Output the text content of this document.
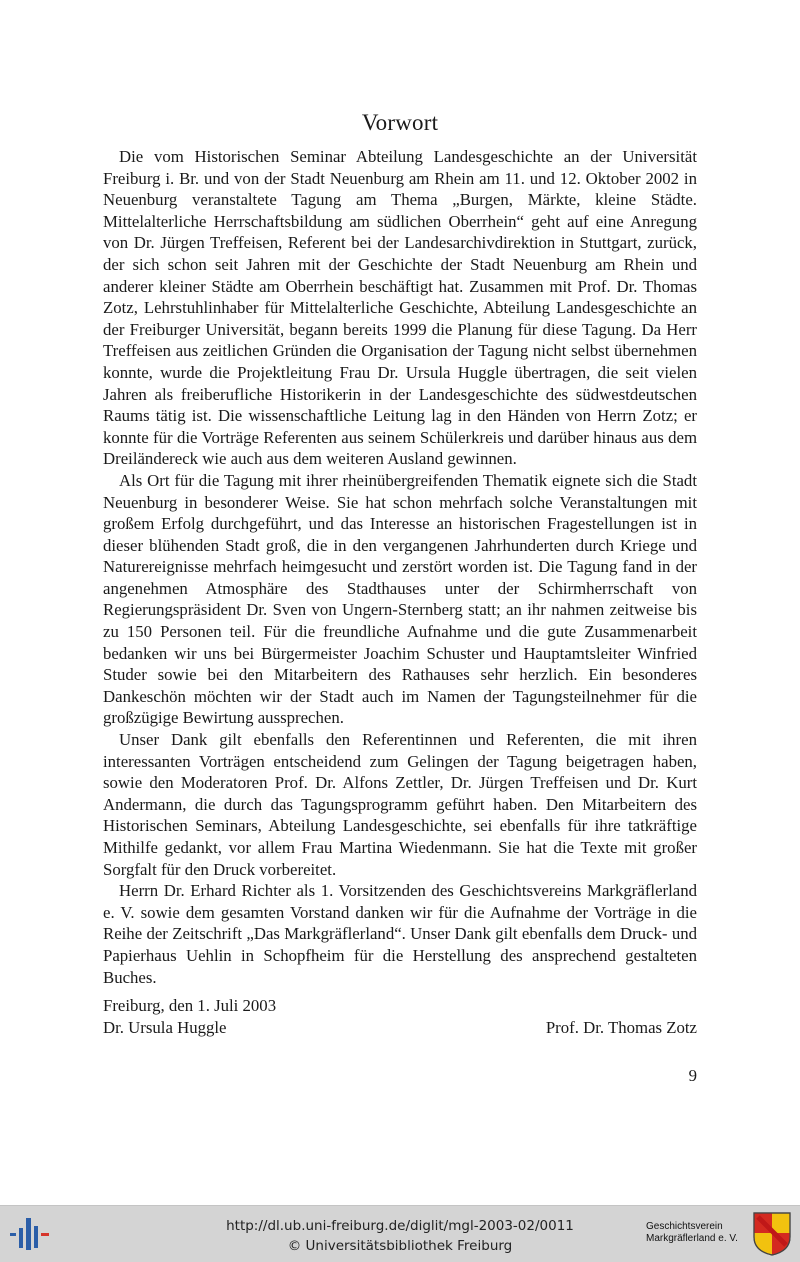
Vorwort

Die vom Historischen Seminar Abteilung Landesgeschichte an der Universität Freiburg i. Br. und von der Stadt Neuenburg am Rhein am 11. und 12. Oktober 2002 in Neuenburg veranstaltete Tagung am Thema „Burgen, Märkte, kleine Städte. Mittelalterliche Herrschaftsbildung am südlichen Oberrhein“ geht auf eine Anregung von Dr. Jürgen Treffeisen, Referent bei der Landesarchivdirektion in Stuttgart, zurück, der sich schon seit Jahren mit der Geschichte der Stadt Neuenburg am Rhein und anderer kleiner Städte am Oberrhein beschäftigt hat. Zusammen mit Prof. Dr. Thomas Zotz, Lehrstuhlinhaber für Mittelalterliche Geschichte, Abteilung Landesgeschichte an der Freiburger Universität, begann bereits 1999 die Planung für diese Tagung. Da Herr Treffeisen aus zeitlichen Gründen die Organisation der Tagung nicht selbst übernehmen konnte, wurde die Projektleitung Frau Dr. Ursula Huggle übertragen, die seit vielen Jahren als freiberufliche Historikerin in der Landesgeschichte des südwestdeutschen Raums tätig ist. Die wissenschaftliche Leitung lag in den Händen von Herrn Zotz; er konnte für die Vorträge Referenten aus seinem Schülerkreis und darüber hinaus aus dem Dreiländereck wie auch aus dem weiteren Ausland gewinnen.

Als Ort für die Tagung mit ihrer rheinübergreifenden Thematik eignete sich die Stadt Neuenburg in besonderer Weise. Sie hat schon mehrfach solche Veranstaltungen mit großem Erfolg durchgeführt, und das Interesse an historischen Fragestellungen ist in dieser blühenden Stadt groß, die in den vergangenen Jahrhunderten durch Kriege und Naturereignisse mehrfach heimgesucht und zerstört worden ist. Die Tagung fand in der angenehmen Atmosphäre des Stadthauses unter der Schirmherrschaft von Regierungspräsident Dr. Sven von Ungern-Sternberg statt; an ihr nahmen zeitweise bis zu 150 Personen teil. Für die freundliche Aufnahme und die gute Zusammenarbeit bedanken wir uns bei Bürgermeister Joachim Schuster und Hauptamtsleiter Winfried Studer sowie bei den Mitarbeitern des Rathauses sehr herzlich. Ein besonderes Dankeschön möchten wir der Stadt auch im Namen der Tagungsteilnehmer für die großzügige Bewirtung aussprechen.

Unser Dank gilt ebenfalls den Referentinnen und Referenten, die mit ihren interessanten Vorträgen entscheidend zum Gelingen der Tagung beigetragen haben, sowie den Moderatoren Prof. Dr. Alfons Zettler, Dr. Jürgen Treffeisen und Dr. Kurt Andermann, die durch das Tagungsprogramm geführt haben. Den Mitarbeitern des Historischen Seminars, Abteilung Landesgeschichte, sei ebenfalls für ihre tatkräftige Mithilfe gedankt, vor allem Frau Martina Wiedenmann. Sie hat die Texte mit großer Sorgfalt für den Druck vorbereitet.

Herrn Dr. Erhard Richter als 1. Vorsitzenden des Geschichtsvereins Markgräflerland e. V. sowie dem gesamten Vorstand danken wir für die Aufnahme der Vorträge in die Reihe der Zeitschrift „Das Markgräflerland“. Unser Dank gilt ebenfalls dem Druck- und Papierhaus Uehlin in Schopfheim für die Herstellung des ansprechend gestalteten Buches.

Freiburg, den 1. Juli 2003
Dr. Ursula Huggle	Prof. Dr. Thomas Zotz
9
http://dl.ub.uni-freiburg.de/diglit/mgl-2003-02/0011
© Universitätsbibliothek Freiburg
Geschichtsverein
Markgräflerland e. V.
